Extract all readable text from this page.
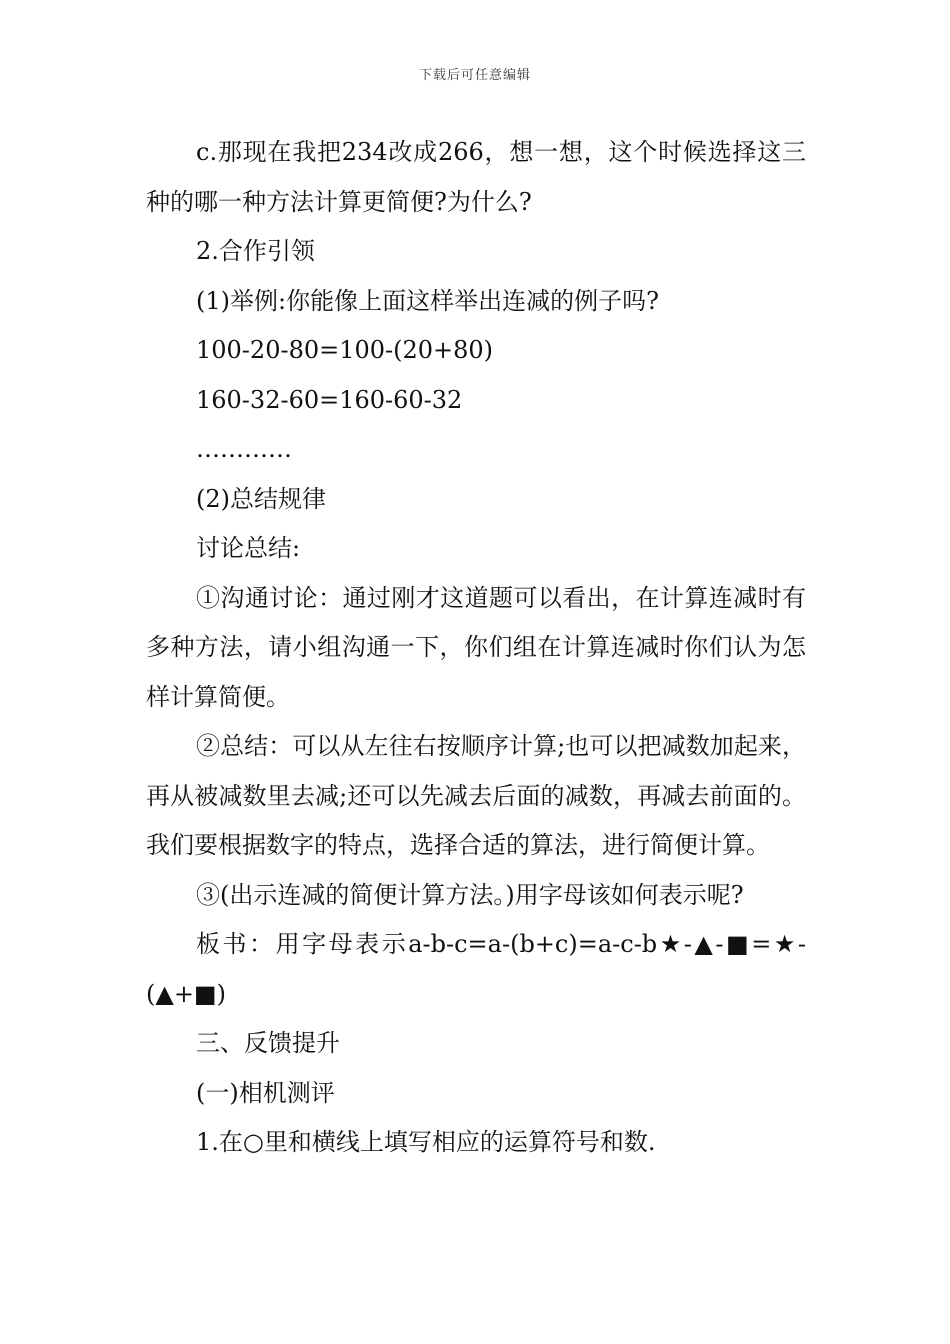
下载后可任意编辑

c.那现在我把234改成266，想一想，这个时候选择这三种的哪一种方法计算更简便?为什么?

2.合作引领

(1)举例:你能像上面这样举出连减的例子吗?

100-20-80=100-(20+80)

160-32-60=160-60-32

…………

(2)总结规律

讨论总结:

①沟通讨论：通过刚才这道题可以看出，在计算连减时有多种方法，请小组沟通一下，你们组在计算连减时你们认为怎样计算简便。

②总结：可以从左往右按顺序计算;也可以把减数加起来，再从被减数里去减;还可以先减去后面的减数，再减去前面的。我们要根据数字的特点，选择合适的算法，进行简便计算。

③(出示连减的简便计算方法。)用字母该如何表示呢?

板书：用字母表示a-b-c=a-(b+c)=a-c-b★-▲-■=★-(▲+■)

三、反馈提升

(一)相机测评

1.在○里和横线上填写相应的运算符号和数.
